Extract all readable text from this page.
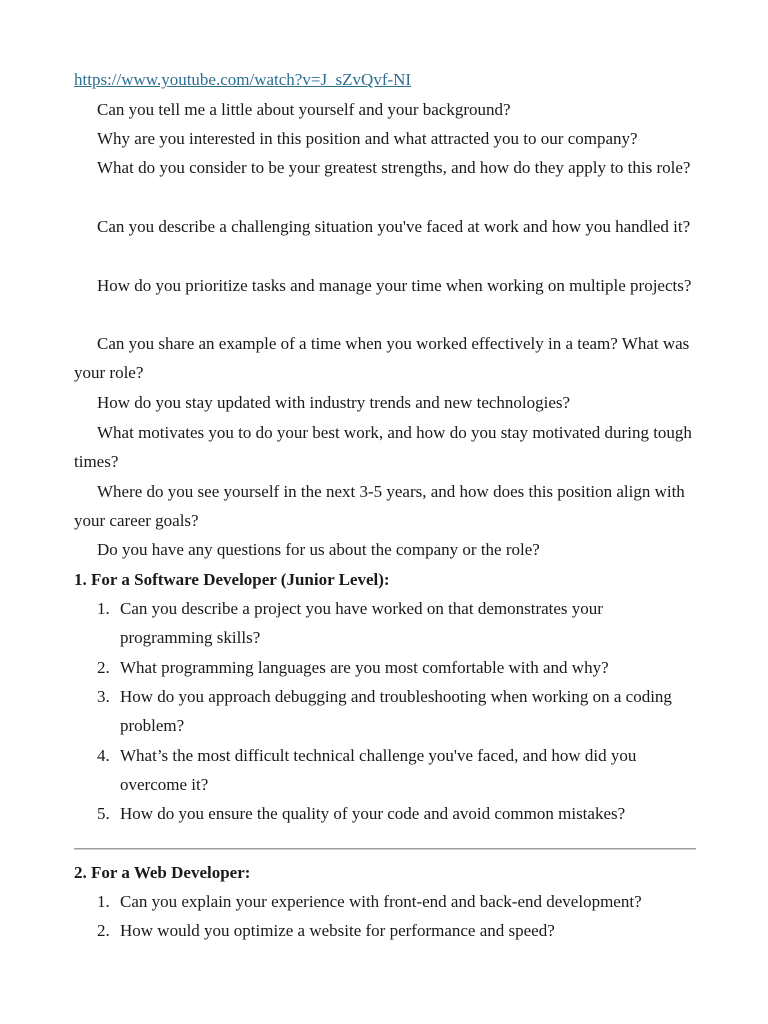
https://www.youtube.com/watch?v=J_sZvQvf-NI

Can you tell me a little about yourself and your background?

Why are you interested in this position and what attracted you to our company?

What do you consider to be your greatest strengths, and how do they apply to this role?

Can you describe a challenging situation you've faced at work and how you handled it?

How do you prioritize tasks and manage your time when working on multiple projects?

Can you share an example of a time when you worked effectively in a team? What was your role?

How do you stay updated with industry trends and new technologies?

What motivates you to do your best work, and how do you stay motivated during tough times?

Where do you see yourself in the next 3-5 years, and how does this position align with your career goals?

Do you have any questions for us about the company or the role?

1. For a Software Developer (Junior Level):

1. Can you describe a project you have worked on that demonstrates your programming skills?
2. What programming languages are you most comfortable with and why?
3. How do you approach debugging and troubleshooting when working on a coding problem?
4. What’s the most difficult technical challenge you've faced, and how did you overcome it?
5. How do you ensure the quality of your code and avoid common mistakes?

2. For a Web Developer:

1. Can you explain your experience with front-end and back-end development?
2. How would you optimize a website for performance and speed?
